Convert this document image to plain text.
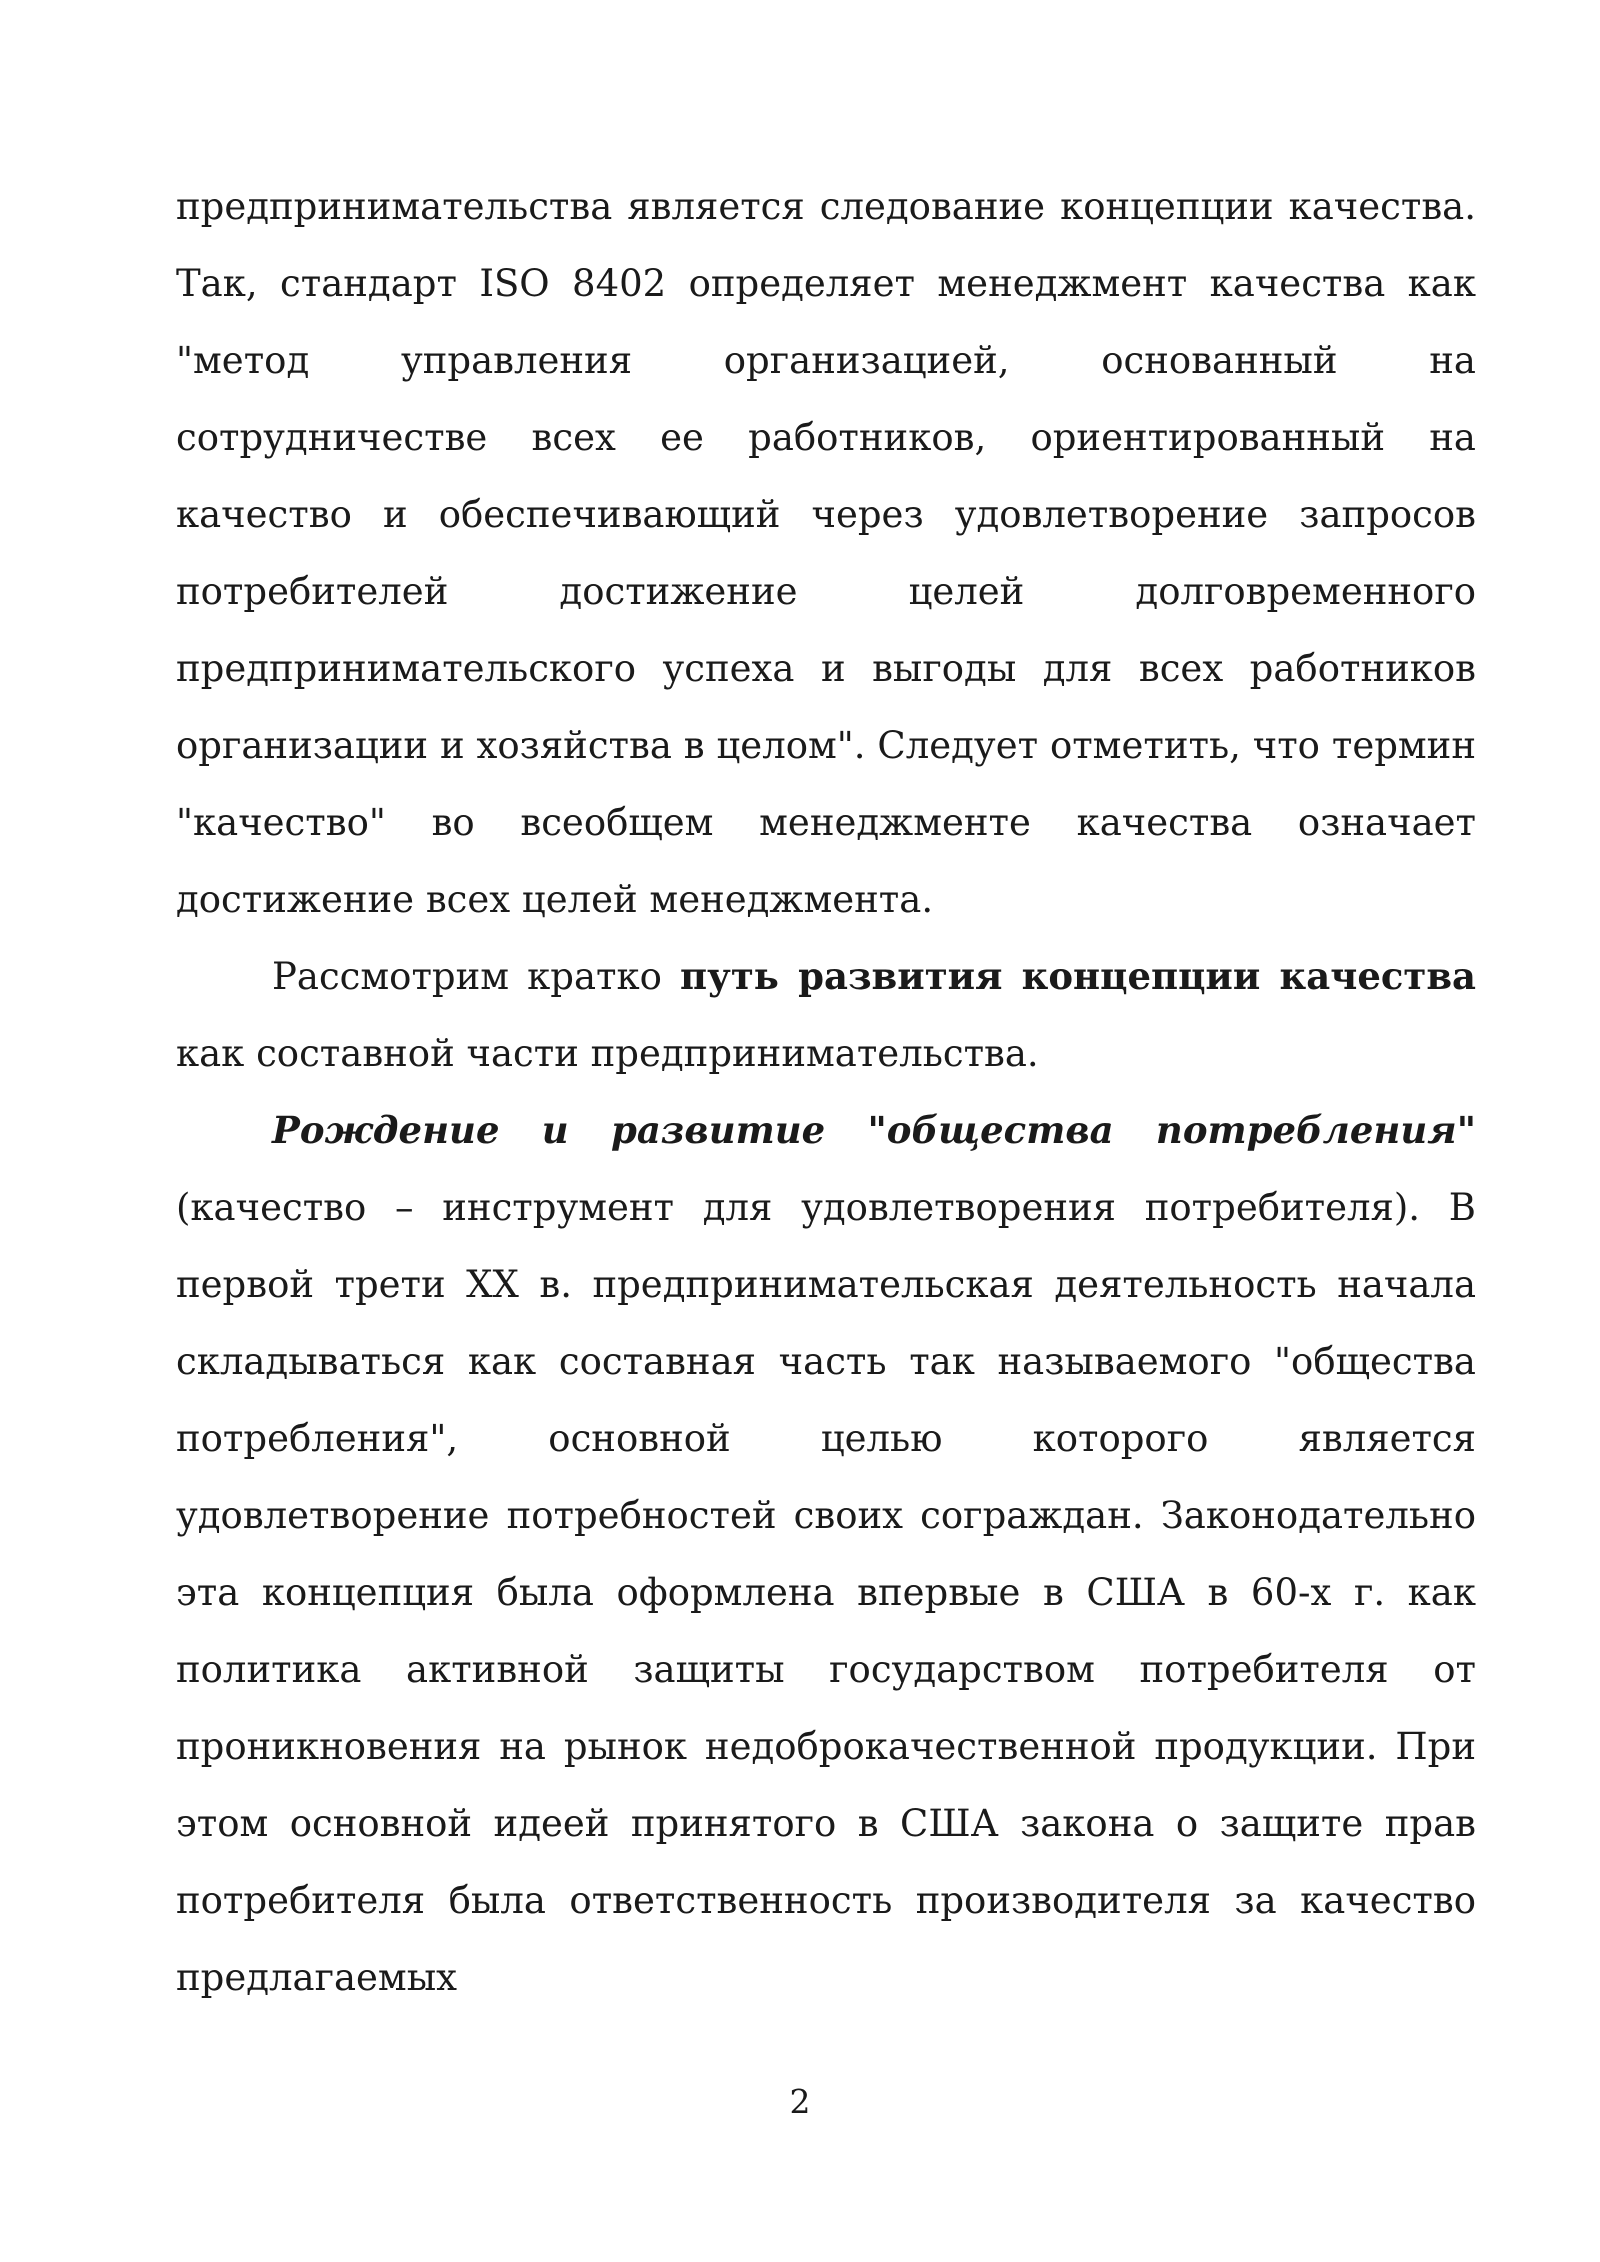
предпринимательства является следование концепции качества. Так, стандарт ISO 8402 определяет менеджмент качества как "метод управления организацией, основанный на сотрудничестве всех ее работников, ориентированный на качество и обеспечивающий через удовлетворение запросов потребителей достижение целей долговременного предпринимательского успеха и выгоды для всех работников организации и хозяйства в целом". Следует отметить, что термин "качество" во всеобщем менеджменте качества означает достижение всех целей менеджмента.

Рассмотрим кратко путь развития концепции качества как составной части предпринимательства.

Рождение и развитие "общества потребления" (качество – инструмент для удовлетворения потребителя). В первой трети XX в. предпринимательская деятельность начала складываться как составная часть так называемого "общества потребления", основной целью которого является удовлетворение потребностей своих сограждан. Законодательно эта концепция была оформлена впервые в США в 60-х г. как политика активной защиты государством потребителя от проникновения на рынок недоброкачественной продукции. При этом основной идеей принятого в США закона о защите прав потребителя была ответственность производителя за качество предлагаемых

2
